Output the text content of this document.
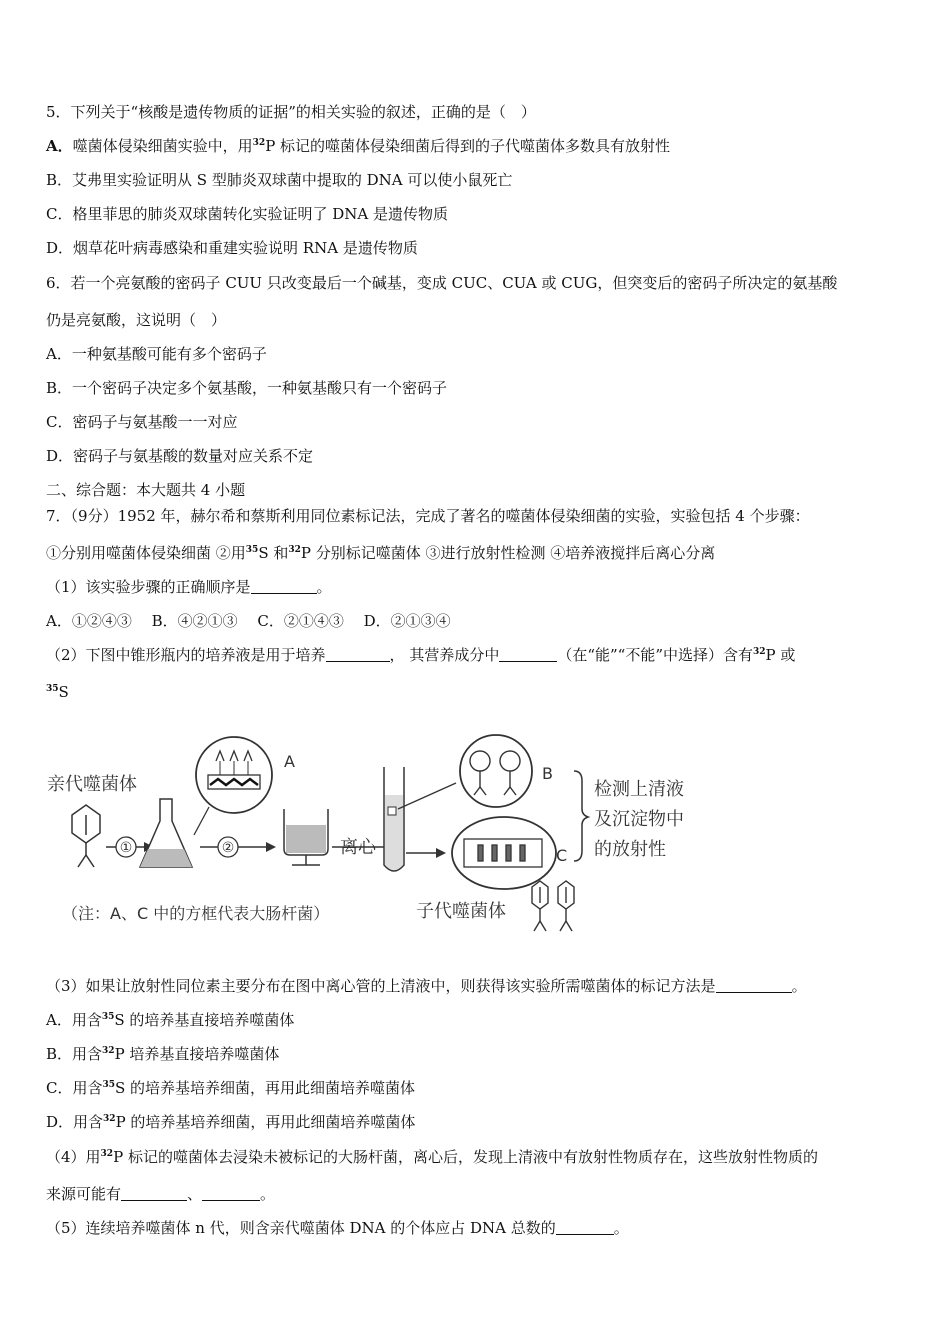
5．下列关于“核酸是遗传物质的证据”的相关实验的叙述，正确的是（　）
A．噬菌体侵染细菌实验中，用$^{32}$P 标记的噬菌体侵染细菌后得到的子代噬菌体多数具有放射性
B．艾弗里实验证明从 S 型肺炎双球菌中提取的 DNA 可以使小鼠死亡
C．格里菲思的肺炎双球菌转化实验证明了 DNA 是遗传物质
D．烟草花叶病毒感染和重建实验说明 RNA 是遗传物质
6．若一个亮氨酸的密码子 CUU 只改变最后一个碱基，变成 CUC、CUA 或 CUG，但突变后的密码子所决定的氨基酸
仍是亮氨酸，这说明（　）
A．一种氨基酸可能有多个密码子
B．一个密码子决定多个氨基酸，一种氨基酸只有一个密码子
C．密码子与氨基酸一一对应
D．密码子与氨基酸的数量对应关系不定
二、综合题：本大题共 4 小题
7．（9分）1952 年，赫尔希和蔡斯利用同位素标记法，完成了著名的噬菌体侵染细菌的实验，实验包括 4 个步骤：
①分别用噬菌体侵染细菌 ②用$^{35}$S 和$^{32}$P 分别标记噬菌体 ③进行放射性检测 ④培养液搅拌后离心分离
（1）该实验步骤的正确顺序是	。
A．①②④③　 B．④②①③　 C．②①④③　 D．②①③④
（2）下图中锥形瓶内的培养液是用于培养	， 其营养成分中	（在“能”“不能”中选择）含有$^{32}$P 或
$^{35}$S
亲代噬菌体
①
A
②	离心
B
C
检测上清液
及沉淀物中
的放射性
子代噬菌体
（注：A、C 中的方框代表大肠杆菌）
（3）如果让放射性同位素主要分布在图中离心管的上清液中，则获得该实验所需噬菌体的标记方法是	。
A．用含$^{35}$S 的培养基直接培养噬菌体
B．用含$^{32}$P 培养基直接培养噬菌体
C．用含$^{35}$S 的培养基培养细菌，再用此细菌培养噬菌体
D．用含$^{32}$P 的培养基培养细菌，再用此细菌培养噬菌体
（4）用$^{32}$P 标记的噬菌体去浸染未被标记的大肠杆菌，离心后，发现上清液中有放射性物质存在，这些放射性物质的
来源可能有	、	。
（5）连续培养噬菌体 n 代，则含亲代噬菌体 DNA 的个体应占 DNA 总数的	。
